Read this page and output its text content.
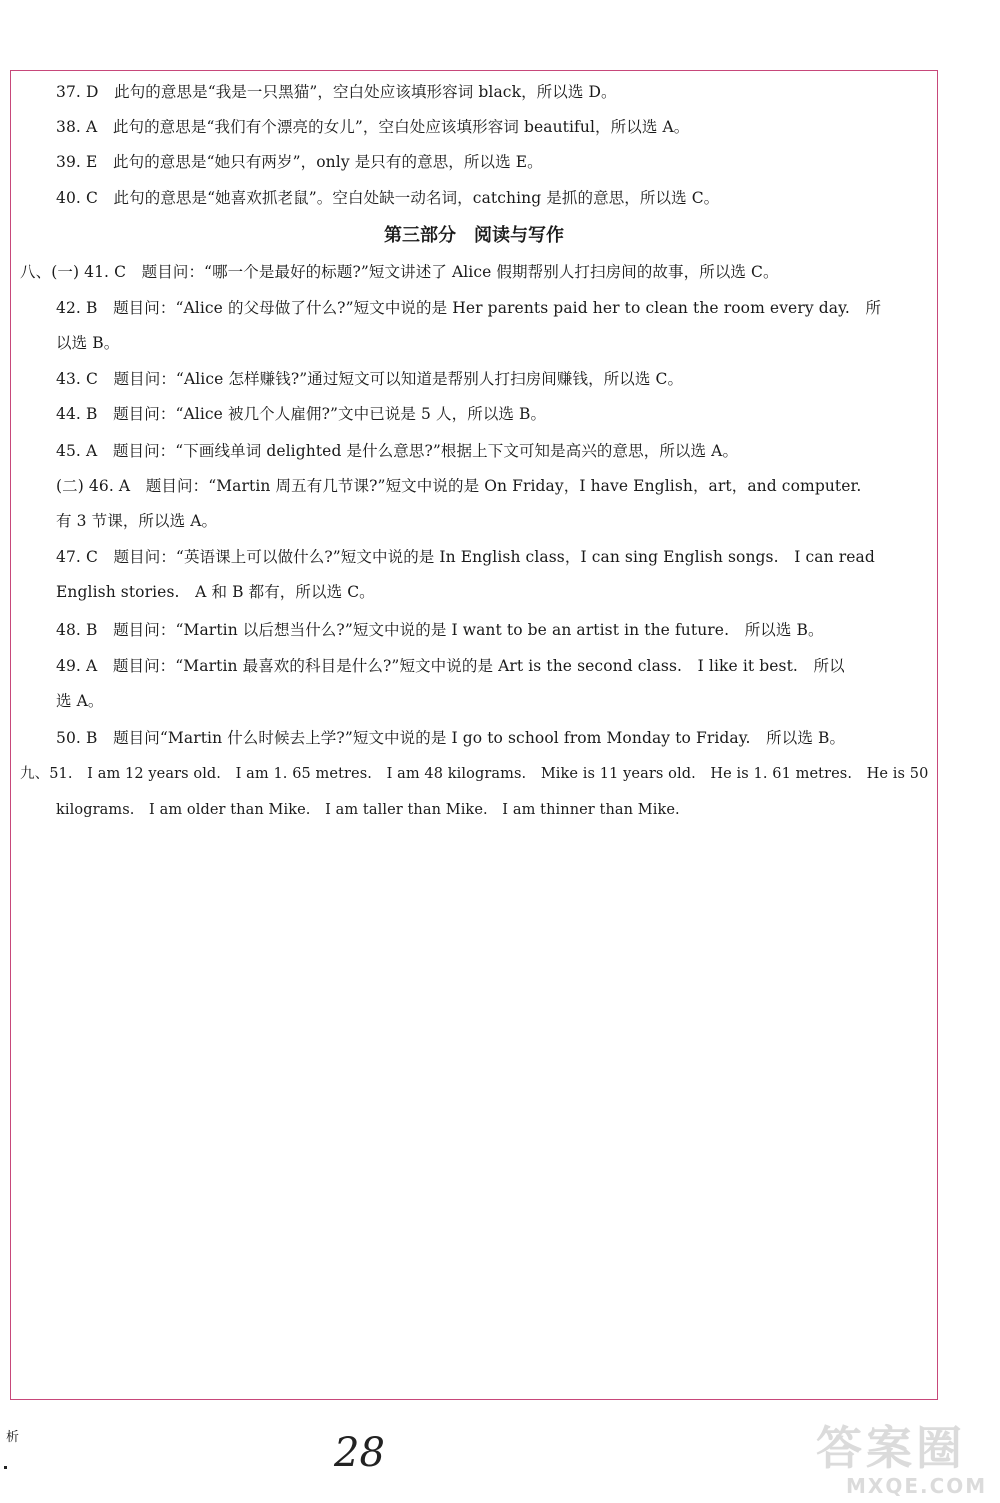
37. D　此句的意思是“我是一只黑猫”，空白处应该填形容词 black，所以选 D。
38. A　此句的意思是“我们有个漂亮的女儿”，空白处应该填形容词 beautiful，所以选 A。
39. E　此句的意思是“她只有两岁”，only 是只有的意思，所以选 E。
40. C　此句的意思是“她喜欢抓老鼠”。空白处缺一动名词，catching 是抓的意思，所以选 C。
第三部分　阅读与写作
八、(一) 41. C　题目问：“哪一个是最好的标题?”短文讲述了 Alice 假期帮别人打扫房间的故事，所以选 C。
42. B　题目问：“Alice 的父母做了什么?”短文中说的是 Her parents paid her to clean the room every day.　所
以选 B。
43. C　题目问：“Alice 怎样赚钱?”通过短文可以知道是帮别人打扫房间赚钱，所以选 C。
44. B　题目问：“Alice 被几个人雇佣?”文中已说是 5 人，所以选 B。
45. A　题目问：“下画线单词 delighted 是什么意思?”根据上下文可知是高兴的意思，所以选 A。
(二) 46. A　题目问：“Martin 周五有几节课?”短文中说的是 On Friday，I have English，art，and computer.
有 3 节课，所以选 A。
47. C　题目问：“英语课上可以做什么?”短文中说的是 In English class，I can sing English songs.　I can read
English stories.　A 和 B 都有，所以选 C。
48. B　题目问：“Martin 以后想当什么?”短文中说的是 I want to be an artist in the future.　所以选 B。
49. A　题目问：“Martin 最喜欢的科目是什么?”短文中说的是 Art is the second class.　I like it best.　所以
选 A。
50. B　题目问“Martin 什么时候去上学?”短文中说的是 I go to school from Monday to Friday.　所以选 B。
九、51.　I am 12 years old.　I am 1. 65 metres.　I am 48 kilograms.　Mike is 11 years old.　He is 1. 61 metres.　He is 50
kilograms.　I am older than Mike.　I am taller than Mike.　I am thinner than Mike.
析	28	答案圈
MXQE.COM
